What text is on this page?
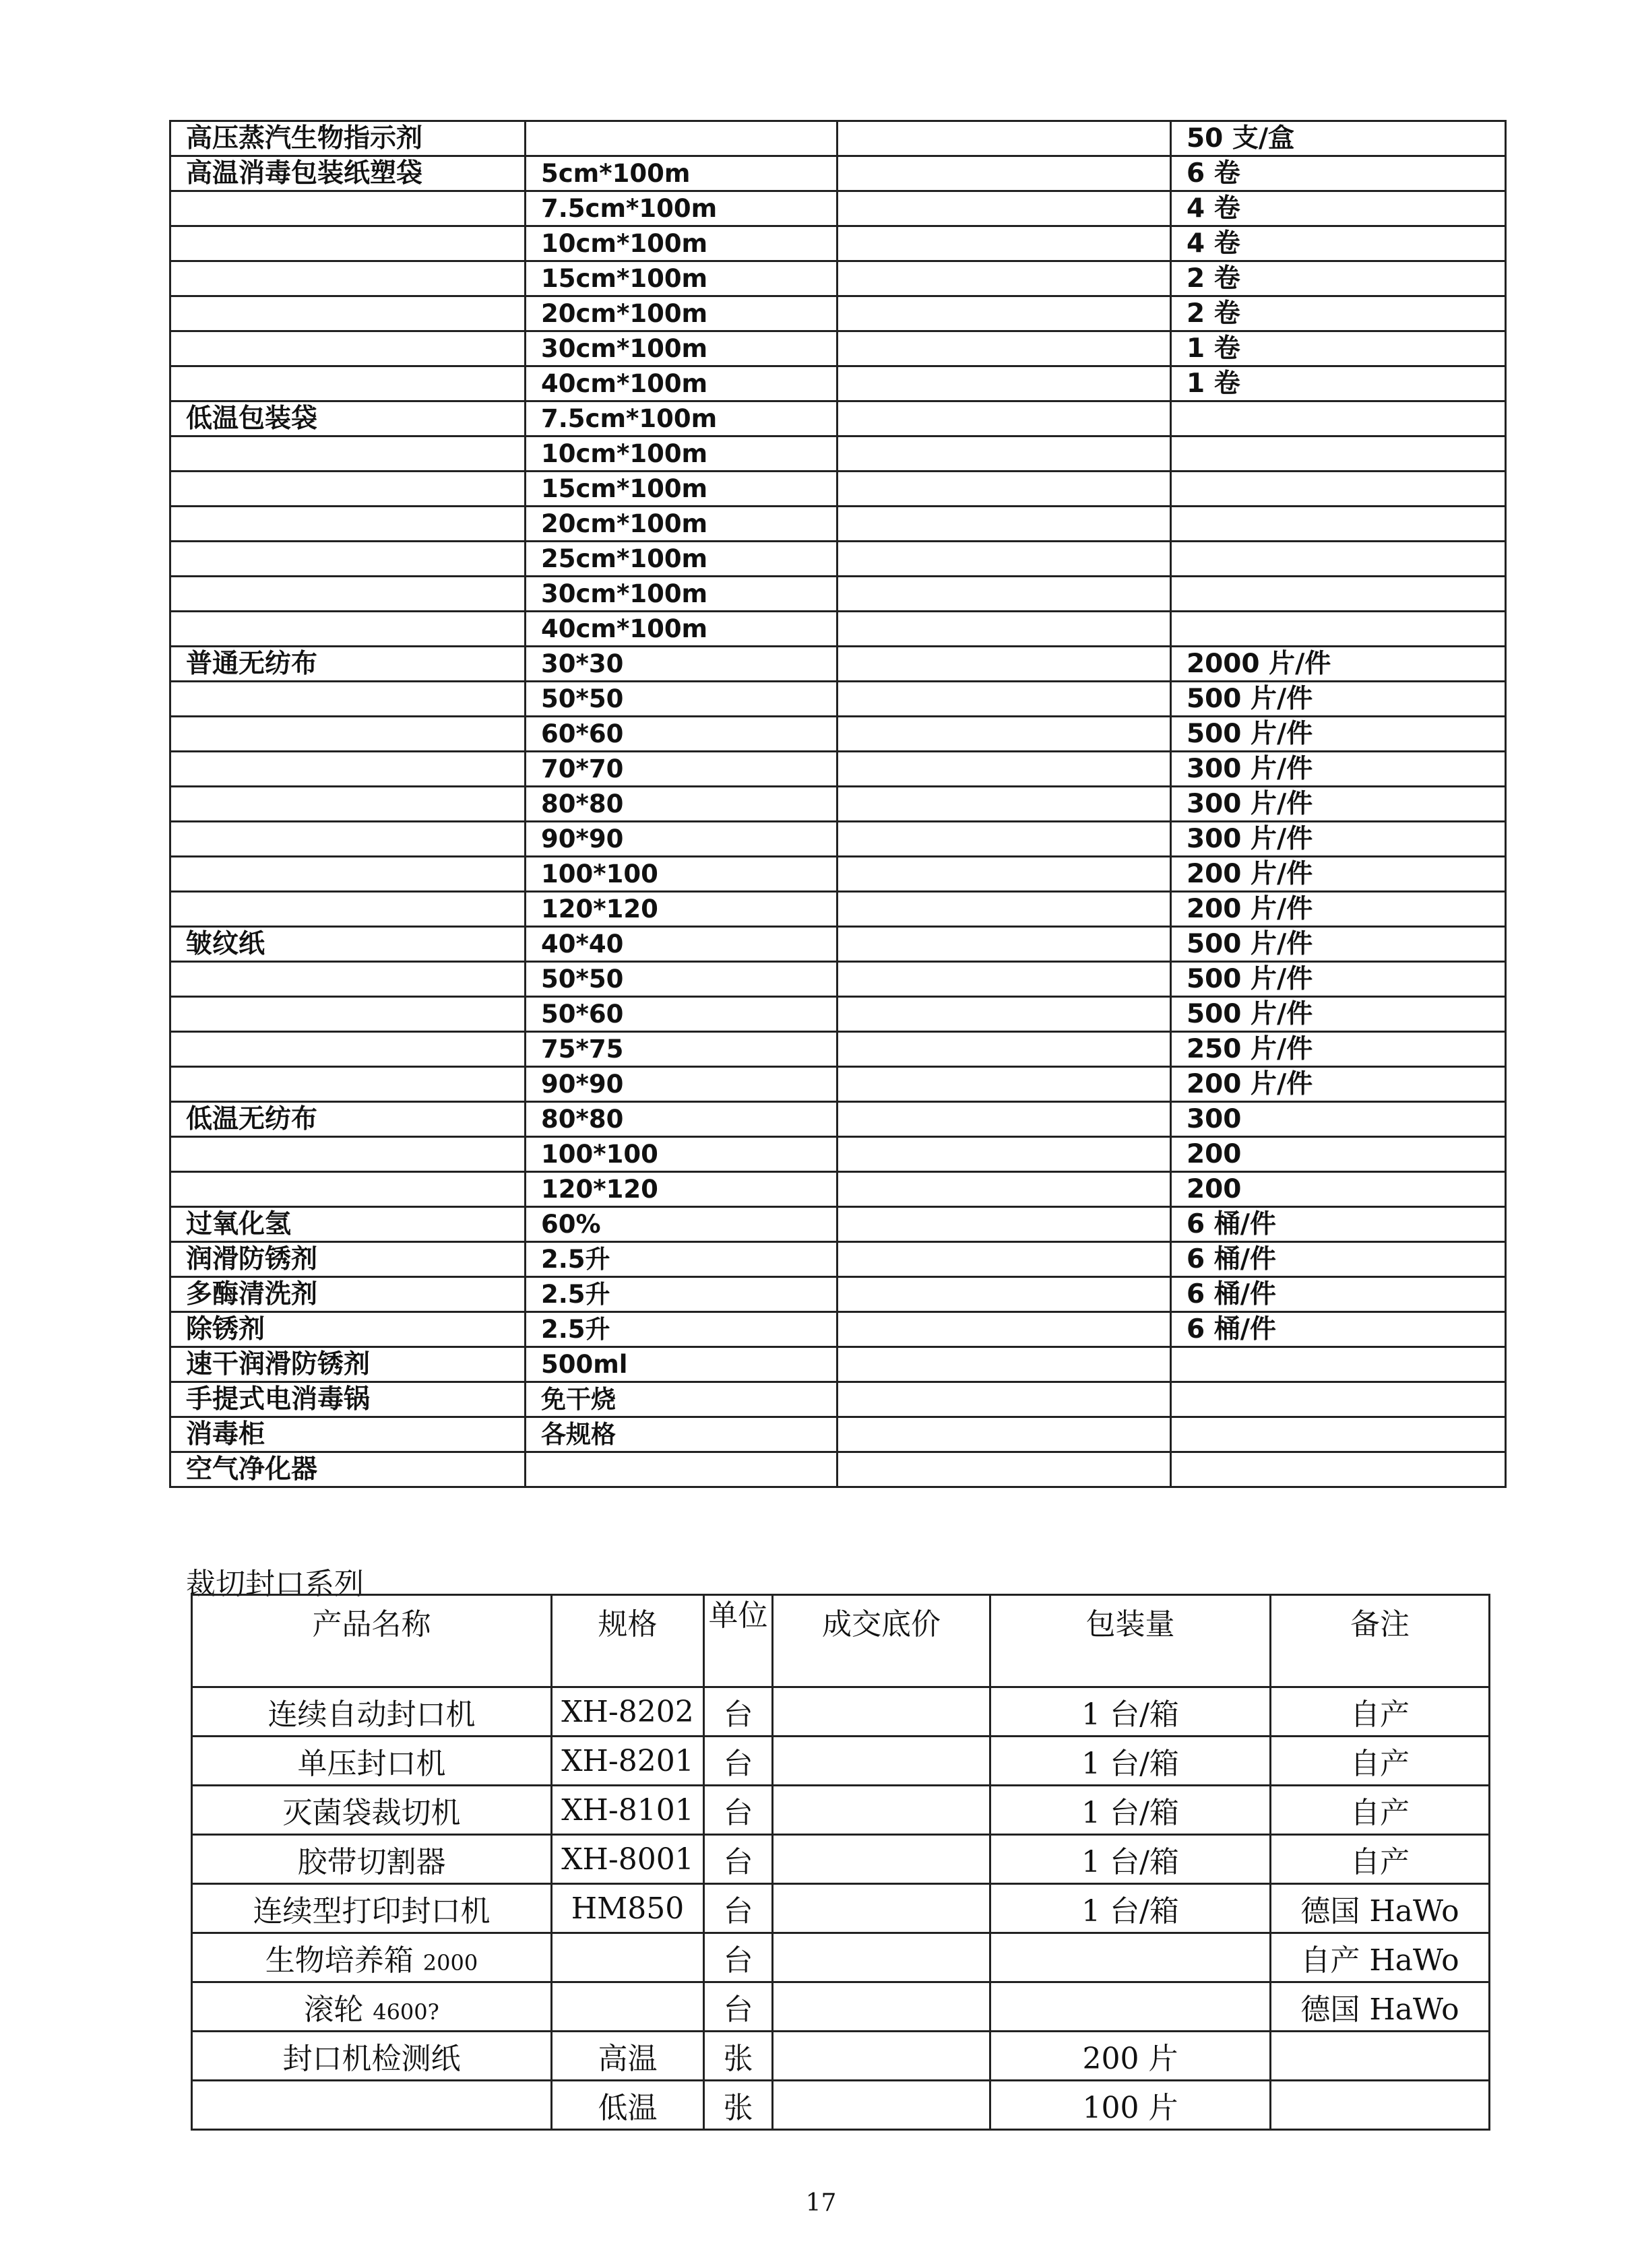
高压蒸汽生物指示剂			50 支/盒
高温消毒包装纸塑袋	5cm*100m		6 卷
	7.5cm*100m		4 卷
	10cm*100m		4 卷
	15cm*100m		2 卷
	20cm*100m		2 卷
	30cm*100m		1 卷
	40cm*100m		1 卷
低温包装袋	7.5cm*100m		
	10cm*100m		
	15cm*100m		
	20cm*100m		
	25cm*100m		
	30cm*100m		
	40cm*100m		
普通无纺布	30*30		2000 片/件
	50*50		500 片/件
	60*60		500 片/件
	70*70		300 片/件
	80*80		300 片/件
	90*90		300 片/件
	100*100		200 片/件
	120*120		200 片/件
皱纹纸	40*40		500 片/件
	50*50		500 片/件
	50*60		500 片/件
	75*75		250 片/件
	90*90		200 片/件
低温无纺布	80*80		300
	100*100		200
	120*120		200
过氧化氢	60%		6 桶/件
润滑防锈剂	2.5升		6 桶/件
多酶清洗剂	2.5升		6 桶/件
除锈剂	2.5升		6 桶/件
速干润滑防锈剂	500ml		
手提式电消毒锅	免干烧		
消毒柜	各规格		
空气净化器			

裁切封口系列

产品名称	规格	单位	成交底价	包装量	备注
连续自动封口机	XH-8202	台		1 台/箱	自产
单压封口机	XH-8201	台		1 台/箱	自产
灭菌袋裁切机	XH-8101	台		1 台/箱	自产
胶带切割器	XH-8001	台		1 台/箱	自产
连续型打印封口机	HM850	台		1 台/箱	德国 HaWo
生物培养箱 2000		台			自产 HaWo
滚轮 4600?		台			德国 HaWo
封口机检测纸	高温	张		200 片	
	低温	张		100 片	

17
